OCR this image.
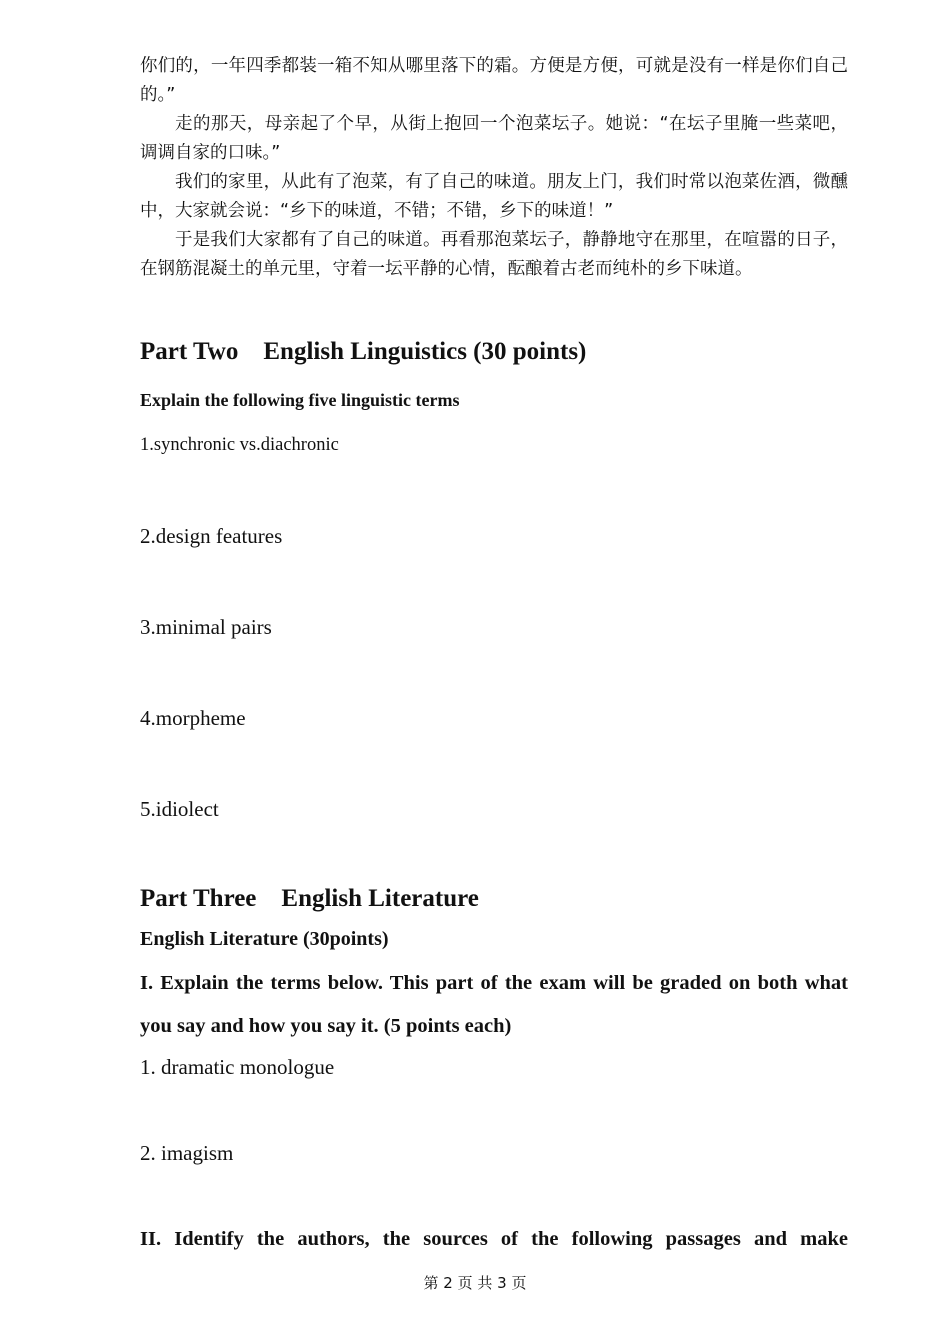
你们的，一年四季都装一箱不知从哪里落下的霜。方便是方便，可就是没有一样是你们自己的。”

走的那天，母亲起了个早，从街上抱回一个泡菜坛子。她说：“在坛子里腌一些菜吧，调调自家的口味。”

我们的家里，从此有了泡菜，有了自己的味道。朋友上门，我们时常以泡菜佐酒，微醺中，大家就会说：“乡下的味道，不错；不错，乡下的味道！”

于是我们大家都有了自己的味道。再看那泡菜坛子，静静地守在那里，在喧嚣的日子，在钢筋混凝土的单元里，守着一坛平静的心情，酝酿着古老而纯朴的乡下味道。

Part Two English Linguistics (30 points)
Explain the following five linguistic terms
1.synchronic vs.diachronic
2.design features
3.minimal pairs
4.morpheme
5.idiolect
Part Three English Literature
English Literature (30points)
I. Explain the terms below. This part of the exam will be graded on both what you say and how you say it. (5 points each)
1. dramatic monologue
2. imagism
II. Identify the authors, the sources of the following passages and make
第 2 页 共 3 页
